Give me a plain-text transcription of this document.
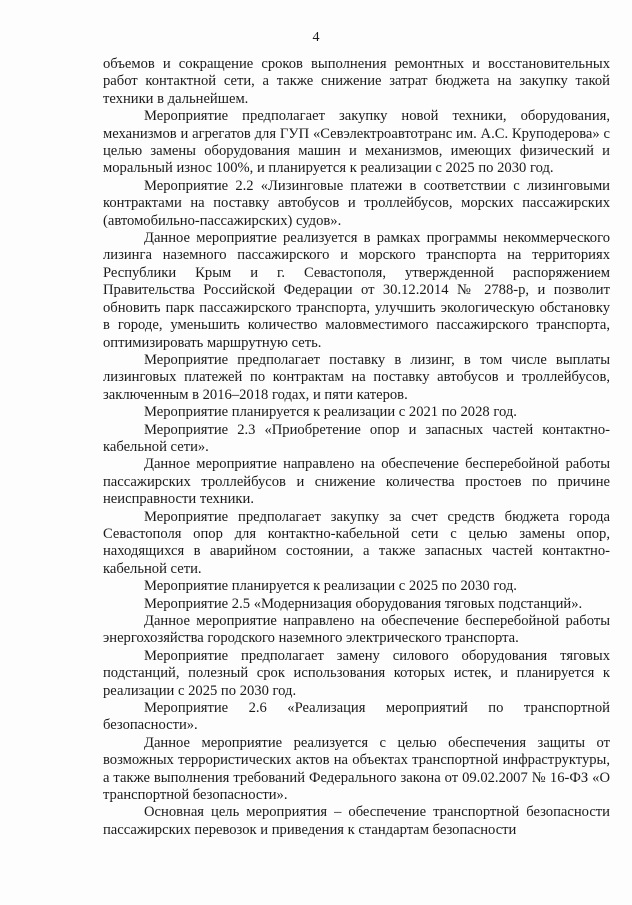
4

объемов и сокращение сроков выполнения ремонтных и восстановительных работ контактной сети, а также снижение затрат бюджета на закупку такой техники в дальнейшем.

Мероприятие предполагает закупку новой техники, оборудования, механизмов и агрегатов для ГУП «Севэлектроавтотранс им. А.С. Круподерова» с целью замены оборудования машин и механизмов, имеющих физический и моральный износ 100%, и планируется к реализации с 2025 по 2030 год.

Мероприятие 2.2 «Лизинговые платежи в соответствии с лизинговыми контрактами на поставку автобусов и троллейбусов, морских пассажирских (автомобильно-пассажирских) судов».

Данное мероприятие реализуется в рамках программы некоммерческого лизинга наземного пассажирского и морского транспорта на территориях Республики Крым и г. Севастополя, утвержденной распоряжением Правительства Российской Федерации от 30.12.2014 № 2788-р, и позволит обновить парк пассажирского транспорта, улучшить экологическую обстановку в городе, уменьшить количество маловместимого пассажирского транспорта, оптимизировать маршрутную сеть.

Мероприятие предполагает поставку в лизинг, в том числе выплаты лизинговых платежей по контрактам на поставку автобусов и троллейбусов, заключенным в 2016–2018 годах, и пяти катеров.

Мероприятие планируется к реализации с 2021 по 2028 год.

Мероприятие 2.3 «Приобретение опор и запасных частей контактно-кабельной сети».

Данное мероприятие направлено на обеспечение бесперебойной работы пассажирских троллейбусов и снижение количества простоев по причине неисправности техники.

Мероприятие предполагает закупку за счет средств бюджета города Севастополя опор для контактно-кабельной сети с целью замены опор, находящихся в аварийном состоянии, а также запасных частей контактно-кабельной сети.

Мероприятие планируется к реализации с 2025 по 2030 год.

Мероприятие 2.5 «Модернизация оборудования тяговых подстанций».

Данное мероприятие направлено на обеспечение бесперебойной работы энергохозяйства городского наземного электрического транспорта.

Мероприятие предполагает замену силового оборудования тяговых подстанций, полезный срок использования которых истек, и планируется к реализации с 2025 по 2030 год.

Мероприятие 2.6 «Реализация мероприятий по транспортной безопасности».

Данное мероприятие реализуется с целью обеспечения защиты от возможных террористических актов на объектах транспортной инфраструктуры, а также выполнения требований Федерального закона от 09.02.2007 № 16-ФЗ «О транспортной безопасности».

Основная цель мероприятия – обеспечение транспортной безопасности пассажирских перевозок и приведения к стандартам безопасности
